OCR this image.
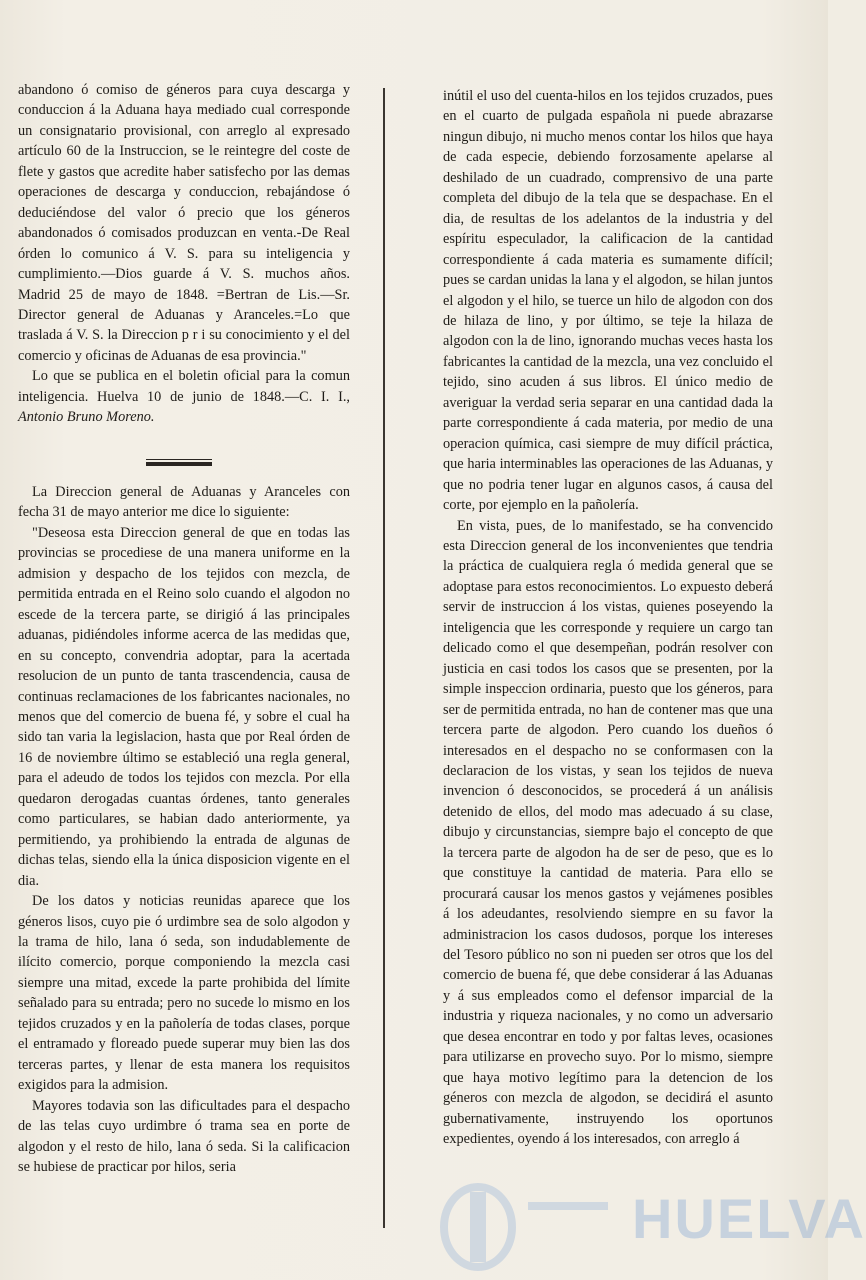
abandono ó comiso de géneros para cuya descarga y conduccion á la Aduana haya mediado cual corresponde un consignatario provisional, con arreglo al expresado artículo 60 de la Instruccion, se le reintegre del coste de flete y gastos que acredite haber satisfecho por las demas operaciones de descarga y conduccion, rebajándose ó deduciéndose del valor ó precio que los géneros abandonados ó comisados produzcan en venta.-De Real órden lo comunico á V. S. para su inteligencia y cumplimiento.—Dios guarde á V. S. muchos años. Madrid 25 de mayo de 1848. =Bertran de Lis.—Sr. Director general de Aduanas y Aranceles.=Lo que traslada á V. S. la Direccion p r i su conocimiento y el del comercio y oficinas de Aduanas de esa provincia."

Lo que se publica en el boletin oficial para la comun inteligencia. Huelva 10 de junio de 1848.—C. I. I., Antonio Bruno Moreno.

La Direccion general de Aduanas y Aranceles con fecha 31 de mayo anterior me dice lo siguiente:

"Deseosa esta Direccion general de que en todas las provincias se procediese de una manera uniforme en la admision y despacho de los tejidos con mezcla, de permitida entrada en el Reino solo cuando el algodon no escede de la tercera parte, se dirigió á las principales aduanas, pidiéndoles informe acerca de las medidas que, en su concepto, convendria adoptar, para la acertada resolucion de un punto de tanta trascendencia, causa de continuas reclamaciones de los fabricantes nacionales, no menos que del comercio de buena fé, y sobre el cual ha sido tan varia la legislacion, hasta que por Real órden de 16 de noviembre último se estableció una regla general, para el adeudo de todos los tejidos con mezcla. Por ella quedaron derogadas cuantas órdenes, tanto generales como particulares, se habian dado anteriormente, ya permitiendo, ya prohibiendo la entrada de algunas de dichas telas, siendo ella la única disposicion vigente en el dia.

De los datos y noticias reunidas aparece que los géneros lisos, cuyo pie ó urdimbre sea de solo algodon y la trama de hilo, lana ó seda, son indudablemente de ilícito comercio, porque componiendo la mezcla casi siempre una mitad, excede la parte prohibida del límite señalado para su entrada; pero no sucede lo mismo en los tejidos cruzados y en la pañolería de todas clases, porque el entramado y floreado puede superar muy bien las dos terceras partes, y llenar de esta manera los requisitos exigidos para la admision.

Mayores todavia son las dificultades para el despacho de las telas cuyo urdimbre ó trama sea en porte de algodon y el resto de hilo, lana ó seda. Si la calificacion se hubiese de practicar por hilos, seria

inútil el uso del cuenta-hilos en los tejidos cruzados, pues en el cuarto de pulgada española ni puede abrazarse ningun dibujo, ni mucho menos contar los hilos que haya de cada especie, debiendo forzosamente apelarse al deshilado de un cuadrado, comprensivo de una parte completa del dibujo de la tela que se despachase. En el dia, de resultas de los adelantos de la industria y del espíritu especulador, la calificacion de la cantidad correspondiente á cada materia es sumamente difícil; pues se cardan unidas la lana y el algodon, se hilan juntos el algodon y el hilo, se tuerce un hilo de algodon con dos de hilaza de lino, y por último, se teje la hilaza de algodon con la de lino, ignorando muchas veces hasta los fabricantes la cantidad de la mezcla, una vez concluido el tejido, sino acuden á sus libros. El único medio de averiguar la verdad seria separar en una cantidad dada la parte correspondiente á cada materia, por medio de una operacion química, casi siempre de muy difícil práctica, que haria interminables las operaciones de las Aduanas, y que no podria tener lugar en algunos casos, á causa del corte, por ejemplo en la pañolería.

En vista, pues, de lo manifestado, se ha convencido esta Direccion general de los inconvenientes que tendria la práctica de cualquiera regla ó medida general que se adoptase para estos reconocimientos. Lo expuesto deberá servir de instruccion á los vistas, quienes poseyendo la inteligencia que les corresponde y requiere un cargo tan delicado como el que desempeñan, podrán resolver con justicia en casi todos los casos que se presenten, por la simple inspeccion ordinaria, puesto que los géneros, para ser de permitida entrada, no han de contener mas que una tercera parte de algodon. Pero cuando los dueños ó interesados en el despacho no se conformasen con la declaracion de los vistas, y sean los tejidos de nueva invencion ó desconocidos, se procederá á un análisis detenido de ellos, del modo mas adecuado á su clase, dibujo y circunstancias, siempre bajo el concepto de que la tercera parte de algodon ha de ser de peso, que es lo que constituye la cantidad de materia. Para ello se procurará causar los menos gastos y vejámenes posibles á los adeudantes, resolviendo siempre en su favor la administracion los casos dudosos, porque los intereses del Tesoro público no son ni pueden ser otros que los del comercio de buena fé, que debe considerar á las Aduanas y á sus empleados como el defensor imparcial de la industria y riqueza nacionales, y no como un adversario que desea encontrar en todo y por faltas leves, ocasiones para utilizarse en provecho suyo. Por lo mismo, siempre que haya motivo legítimo para la detencion de los géneros con mezcla de algodon, se decidirá el asunto gubernativamente, instruyendo los oportunos expedientes, oyendo á los interesados, con arreglo á

HUELVA
